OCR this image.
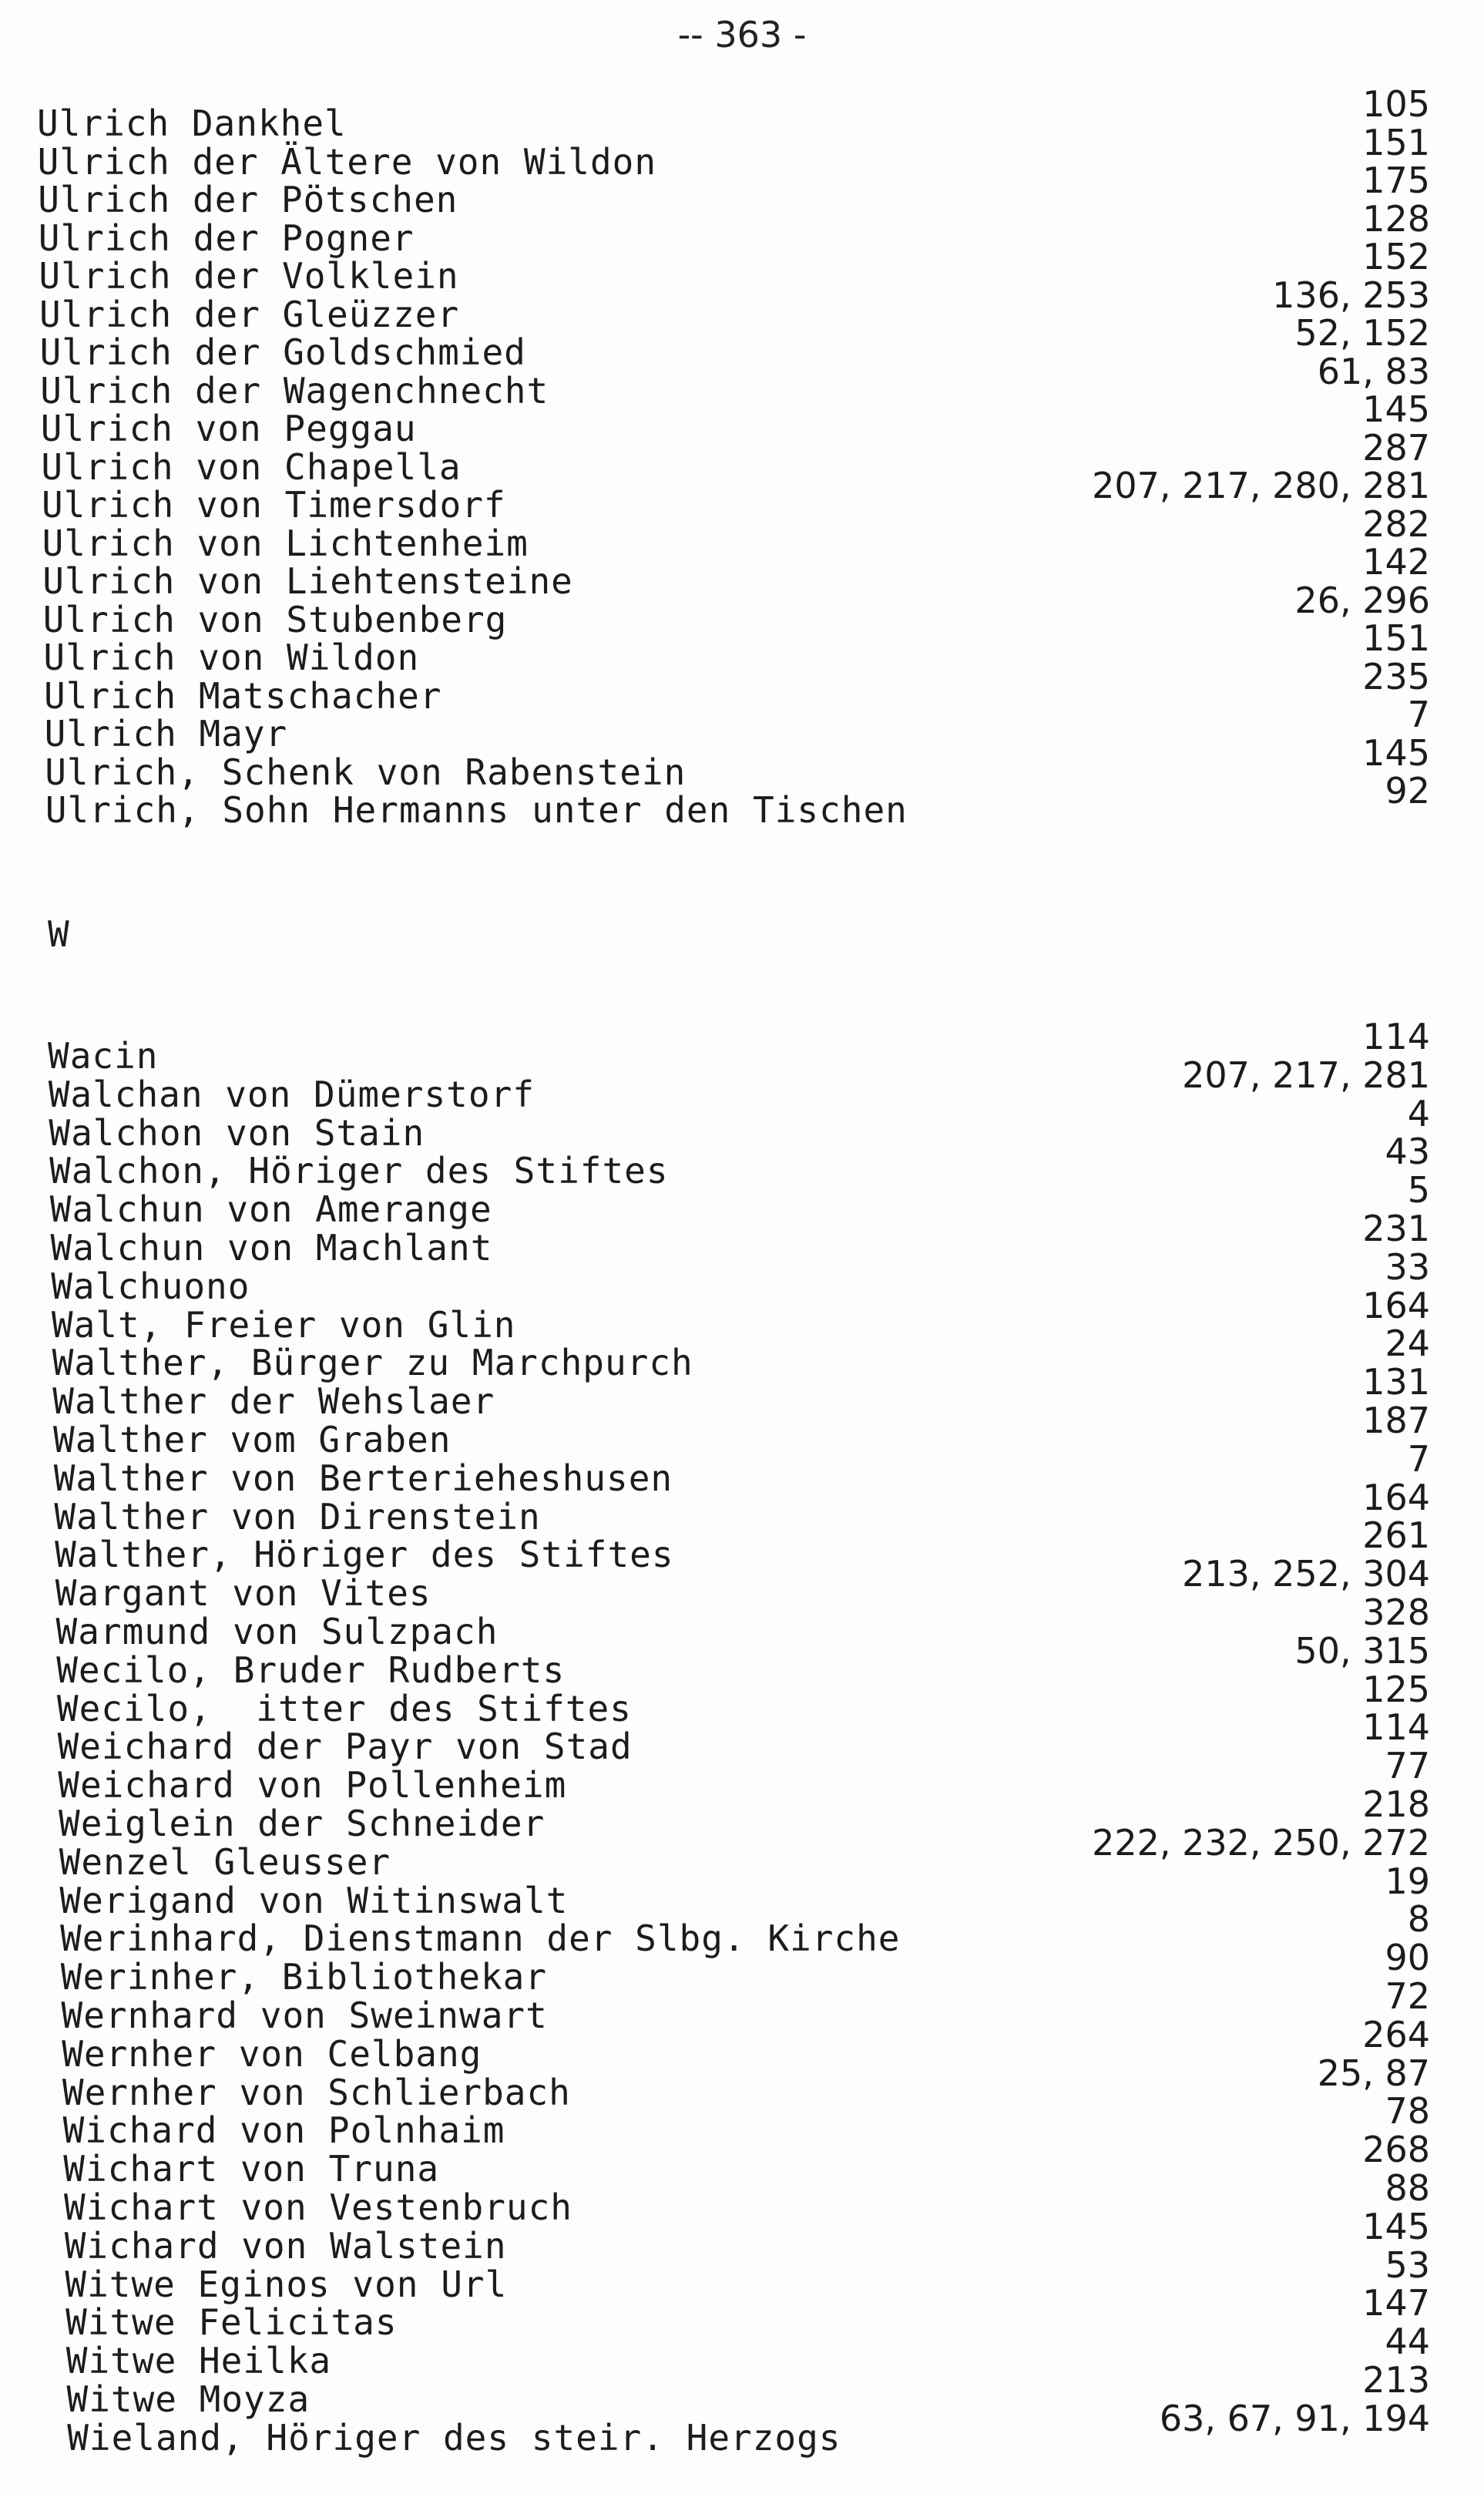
-- 363 -
Ulrich Dankhel	105
Ulrich der Ältere von Wildon	151
Ulrich der Pötschen	175
Ulrich der Pogner	128
Ulrich der Volklein	152
Ulrich der Gleüzzer	136, 253
Ulrich der Goldschmied	52, 152
Ulrich der Wagenchnecht	61, 83
Ulrich von Peggau	145
Ulrich von Chapella	287
Ulrich von Timersdorf	207, 217, 280, 281
Ulrich von Lichtenheim	282
Ulrich von Liehtensteine	142
Ulrich von Stubenberg	26, 296
Ulrich von Wildon	151
Ulrich Matschacher	235
Ulrich Mayr	7
Ulrich, Schenk von Rabenstein	145
Ulrich, Sohn Hermanns unter den Tischen	92
W
Wacin	114
Walchan von Dümerstorf	207, 217, 281
Walchon von Stain	4
Walchon, Höriger des Stiftes	43
Walchun von Amerange	5
Walchun von Machlant	231
Walchuono	33
Walt, Freier von Glin	164
Walther, Bürger zu Marchpurch	24
Walther der Wehslaer	131
Walther vom Graben	187
Walther von Berterieheshusen	7
Walther von Direnstein	164
Walther, Höriger des Stiftes	261
Wargant von Vites	213, 252, 304
Warmund von Sulzpach	328
Wecilo, Bruder Rudberts	50, 315
Wecilo,  itter des Stiftes	125
Weichard der Payr von Stad	114
Weichard von Pollenheim	77
Weiglein der Schneider	218
Wenzel Gleusser	222, 232, 250, 272
Werigand von Witinswalt	19
Werinhard, Dienstmann der Slbg. Kirche	8
Werinher, Bibliothekar	90
Wernhard von Sweinwart	72
Wernher von Celbang	264
Wernher von Schlierbach	25, 87
Wichard von Polnhaim	78
Wichart von Truna	268
Wichart von Vestenbruch	88
Wichard von Walstein	145
Witwe Eginos von Url	53
Witwe Felicitas	147
Witwe Heilka	44
Witwe Moyza	213
Wieland, Höriger des steir. Herzogs	63, 67, 91, 194
